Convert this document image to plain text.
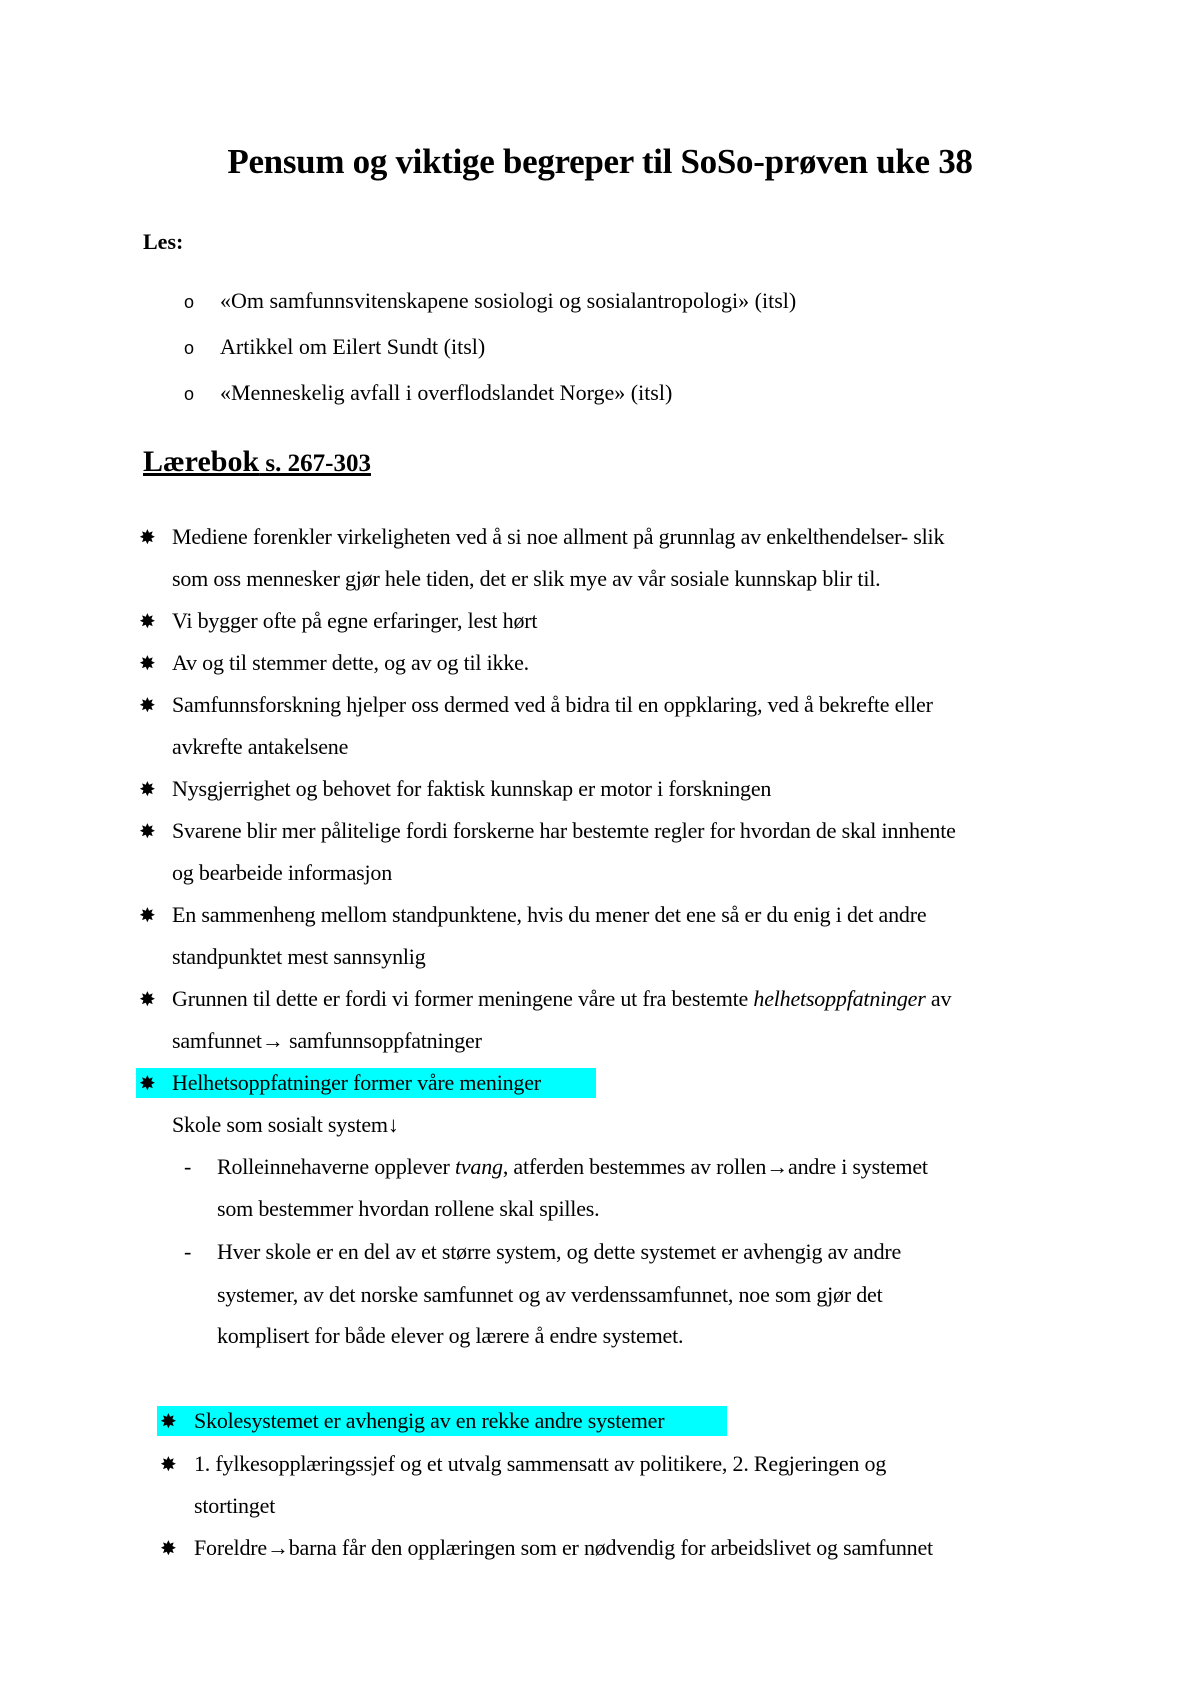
Pensum og viktige begreper til SoSo-prøven uke 38
Les:
o «Om samfunnsvitenskapene sosiologi og sosialantropologi» (itsl)
o Artikkel om Eilert Sundt (itsl)
o «Menneskelig avfall i overflodslandet Norge» (itsl)
Lærebok s. 267-303
✸ Mediene forenkler virkeligheten ved å si noe allment på grunnlag av enkelthendelser- slik
som oss mennesker gjør hele tiden, det er slik mye av vår sosiale kunnskap blir til.
✸ Vi bygger ofte på egne erfaringer, lest hørt
✸ Av og til stemmer dette, og av og til ikke.
✸ Samfunnsforskning hjelper oss dermed ved å bidra til en oppklaring, ved å bekrefte eller
avkrefte antakelsene
✸ Nysgjerrighet og behovet for faktisk kunnskap er motor i forskningen
✸ Svarene blir mer pålitelige fordi forskerne har bestemte regler for hvordan de skal innhente
og bearbeide informasjon
✸ En sammenheng mellom standpunktene, hvis du mener det ene så er du enig i det andre
standpunktet mest sannsynlig
✸ Grunnen til dette er fordi vi former meningene våre ut fra bestemte helhetsoppfatninger av
samfunnet→ samfunnsoppfatninger
✸ Helhetsoppfatninger former våre meninger
Skole som sosialt system↓
- Rolleinnehaverne opplever tvang, atferden bestemmes av rollen→andre i systemet
som bestemmer hvordan rollene skal spilles.
- Hver skole er en del av et større system, og dette systemet er avhengig av andre
systemer, av det norske samfunnet og av verdenssamfunnet, noe som gjør det
komplisert for både elever og lærere å endre systemet.
✸ Skolesystemet er avhengig av en rekke andre systemer
✸ 1. fylkesopplæringssjef og et utvalg sammensatt av politikere, 2. Regjeringen og
stortinget
✸ Foreldre→barna får den opplæringen som er nødvendig for arbeidslivet og samfunnet
